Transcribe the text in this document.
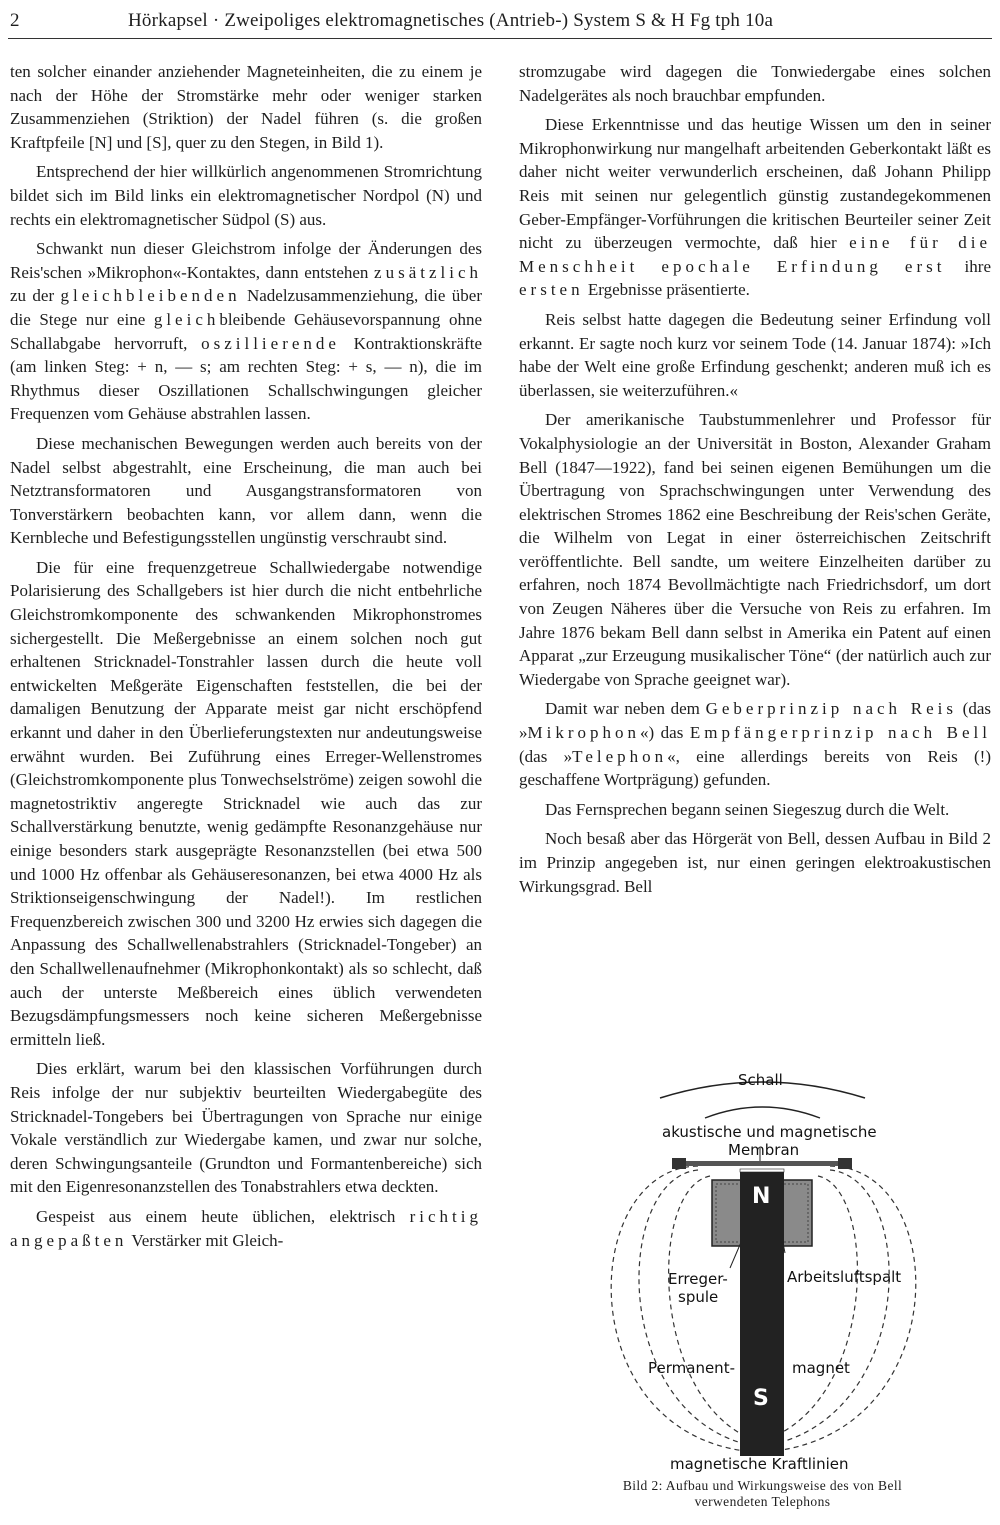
2	Hörkapsel · Zweipoliges elektromagnetisches (Antrieb-) System S & H Fg tph 10a

ten solcher einander anziehender Magneteinheiten, die zu einem je nach der Höhe der Stromstärke mehr oder weniger starken Zusammenziehen (Striktion) der Nadel führen (s. die großen Kraftpfeile [N] und [S], quer zu den Stegen, in Bild 1).

Entsprechend der hier willkürlich angenommenen Stromrichtung bildet sich im Bild links ein elektromagnetischer Nordpol (N) und rechts ein elektromagnetischer Südpol (S) aus.

Schwankt nun dieser Gleichstrom infolge der Änderungen des Reis'schen »Mikrophon«-Kontaktes, dann entstehen zusätzlich zu der gleichbleibenden Nadelzusammenziehung, die über die Stege nur eine gleichbleibende Gehäusevorspannung ohne Schallabgabe hervorruft, oszillierende Kontraktionskräfte (am linken Steg: + n, — s; am rechten Steg: + s, — n), die im Rhythmus dieser Oszillationen Schallschwingungen gleicher Frequenzen vom Gehäuse abstrahlen lassen.

Diese mechanischen Bewegungen werden auch bereits von der Nadel selbst abgestrahlt, eine Erscheinung, die man auch bei Netztransformatoren und Ausgangstransformatoren von Tonverstärkern beobachten kann, vor allem dann, wenn die Kernbleche und Befestigungsstellen ungünstig verschraubt sind.

Die für eine frequenzgetreue Schallwiedergabe notwendige Polarisierung des Schallgebers ist hier durch die nicht entbehrliche Gleichstromkomponente des schwankenden Mikrophonstromes sichergestellt. Die Meßergebnisse an einem solchen noch gut erhaltenen Stricknadel-Tonstrahler lassen durch die heute voll entwickelten Meßgeräte Eigenschaften feststellen, die bei der damaligen Benutzung der Apparate meist gar nicht erschöpfend erkannt und daher in den Überlieferungstexten nur andeutungsweise erwähnt wurden. Bei Zuführung eines Erreger-Wellenstromes (Gleichstromkomponente plus Tonwechselströme) zeigen sowohl die magnetostriktiv angeregte Stricknadel wie auch das zur Schallverstärkung benutzte, wenig gedämpfte Resonanzgehäuse nur einige besonders stark ausgeprägte Resonanzstellen (bei etwa 500 und 1000 Hz offenbar als Gehäuseresonanzen, bei etwa 4000 Hz als Striktionseigenschwingung der Nadel!). Im restlichen Frequenzbereich zwischen 300 und 3200 Hz erwies sich dagegen die Anpassung des Schallwellenabstrahlers (Stricknadel-Tongeber) an den Schallwellenaufnehmer (Mikrophonkontakt) als so schlecht, daß auch der unterste Meßbereich eines üblich verwendeten Bezugsdämpfungsmessers noch keine sicheren Meßergebnisse ermitteln ließ.

Dies erklärt, warum bei den klassischen Vorführungen durch Reis infolge der nur subjektiv beurteilten Wiedergabegüte des Stricknadel-Tongebers bei Übertragungen von Sprache nur einige Vokale verständlich zur Wiedergabe kamen, und zwar nur solche, deren Schwingungsanteile (Grundton und Formantenbereiche) sich mit den Eigenresonanzstellen des Tonabstrahlers etwa deckten.

Gespeist aus einem heute üblichen, elektrisch richtig angepaßten Verstärker mit Gleich-

stromzugabe wird dagegen die Tonwiedergabe eines solchen Nadelgerätes als noch brauchbar empfunden.

Diese Erkenntnisse und das heutige Wissen um den in seiner Mikrophonwirkung nur mangelhaft arbeitenden Geberkontakt läßt es daher nicht weiter verwunderlich erscheinen, daß Johann Philipp Reis mit seinen nur gelegentlich günstig zustandegekommenen Geber-Empfänger-Vorführungen die kritischen Beurteiler seiner Zeit nicht zu überzeugen vermochte, daß hier eine für die Menschheit epochale Erfindung erst ihre ersten Ergebnisse präsentierte.

Reis selbst hatte dagegen die Bedeutung seiner Erfindung voll erkannt. Er sagte noch kurz vor seinem Tode (14. Januar 1874): »Ich habe der Welt eine große Erfindung geschenkt; anderen muß ich es überlassen, sie weiterzuführen.«

Der amerikanische Taubstummenlehrer und Professor für Vokalphysiologie an der Universität in Boston, Alexander Graham Bell (1847—1922), fand bei seinen eigenen Bemühungen um die Übertragung von Sprachschwingungen unter Verwendung des elektrischen Stromes 1862 eine Beschreibung der Reis'schen Geräte, die Wilhelm von Legat in einer österreichischen Zeitschrift veröffentlichte. Bell sandte, um weitere Einzelheiten darüber zu erfahren, noch 1874 Bevollmächtigte nach Friedrichsdorf, um dort von Zeugen Näheres über die Versuche von Reis zu erfahren. Im Jahre 1876 bekam Bell dann selbst in Amerika ein Patent auf einen Apparat „zur Erzeugung musikalischer Töne“ (der natürlich auch zur Wiedergabe von Sprache geeignet war).

Damit war neben dem Geberprinzip nach Reis (das »Mikrophon«) das Empfängerprinzip nach Bell (das »Telephon«, eine allerdings bereits von Reis (!) geschaffene Wortprägung) gefunden.

Das Fernsprechen begann seinen Siegeszug durch die Welt.

Noch besaß aber das Hörgerät von Bell, dessen Aufbau in Bild 2 im Prinzip angegeben ist, nur einen geringen elektroakustischen Wirkungsgrad. Bell

Schall
akustische und magnetische
Membran
N
S
Erreger-
spule
Arbeitsluftspalt
Permanent-	magnet
magnetische Kraftlinien
Bild 2: Aufbau und Wirkungsweise des von Bell
verwendeten Telephons
